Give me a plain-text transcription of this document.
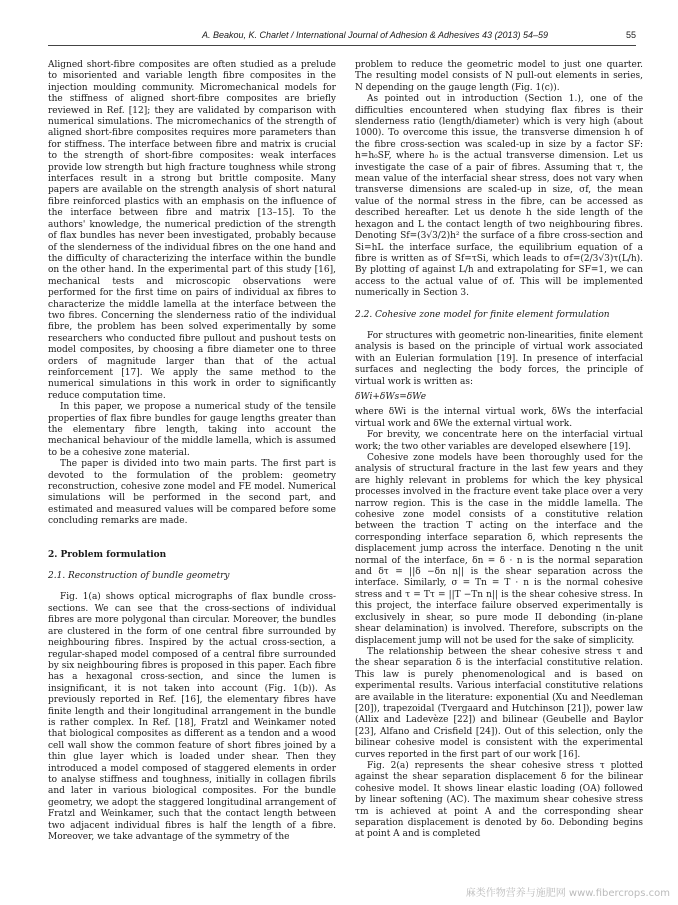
A. Beakou, K. Charlet / International Journal of Adhesion & Adhesives 43 (2013) 54–59	55

Aligned short-fibre composites are often studied as a prelude to misoriented and variable length fibre composites in the injection moulding community. Micromechanical models for the stiffness of aligned short-fibre composites are briefly reviewed in Ref. [12]; they are validated by comparison with numerical simulations. The micromechanics of the strength of aligned short-fibre composites requires more parameters than for stiffness. The interface between fibre and matrix is crucial to the strength of short-fibre composites: weak interfaces provide low strength but high fracture toughness while strong interfaces result in a strong but brittle composite. Many papers are available on the strength analysis of short natural fibre reinforced plastics with an emphasis on the influence of the interface between fibre and matrix [13–15]. To the authors' knowledge, the numerical prediction of the strength of flax bundles has never been investigated, probably because of the slenderness of the individual fibres on the one hand and the difficulty of characterizing the interface within the bundle on the other hand. In the experimental part of this study [16], mechanical tests and microscopic observations were performed for the first time on pairs of individual ax fibres to characterize the middle lamella at the interface between the two fibres. Concerning the slenderness ratio of the individual fibre, the problem has been solved experimentally by some researchers who conducted fibre pullout and pushout tests on model composites, by choosing a fibre diameter one to three orders of magnitude larger than that of the actual reinforcement [17]. We apply the same method to the numerical simulations in this work in order to significantly reduce computation time.

In this paper, we propose a numerical study of the tensile properties of flax fibre bundles for gauge lengths greater than the elementary fibre length, taking into account the mechanical behaviour of the middle lamella, which is assumed to be a cohesive zone material.

The paper is divided into two main parts. The first part is devoted to the formulation of the problem: geometry reconstruction, cohesive zone model and FE model. Numerical simulations will be performed in the second part, and estimated and measured values will be compared before some concluding remarks are made.

2. Problem formulation
2.1. Reconstruction of bundle geometry

Fig. 1(a) shows optical micrographs of flax bundle cross-sections. We can see that the cross-sections of individual fibres are more polygonal than circular. Moreover, the bundles are clustered in the form of one central fibre surrounded by neighbouring fibres. Inspired by the actual cross-section, a regular-shaped model composed of a central fibre surrounded by six neighbouring fibres is proposed in this paper. Each fibre has a hexagonal cross-section, and since the lumen is insignificant, it is not taken into account (Fig. 1(b)). As previously reported in Ref. [16], the elementary fibres have finite length and their longitudinal arrangement in the bundle is rather complex. In Ref. [18], Fratzl and Weinkamer noted that biological composites as different as a tendon and a wood cell wall show the common feature of short fibres joined by a thin glue layer which is loaded under shear. Then they introduced a model composed of staggered elements in order to analyse stiffness and toughness, initially in collagen fibrils and later in various biological composites. For the bundle geometry, we adopt the staggered longitudinal arrangement of Fratzl and Weinkamer, such that the contact length between two adjacent individual fibres is half the length of a fibre. Moreover, we take advantage of the symmetry of the

problem to reduce the geometric model to just one quarter. The resulting model consists of N pull-out elements in series, N depending on the gauge length (Fig. 1(c)).

As pointed out in introduction (Section 1.), one of the difficulties encountered when studying flax fibres is their slenderness ratio (length/diameter) which is very high (about 1000). To overcome this issue, the transverse dimension h of the fibre cross-section was scaled-up in size by a factor SF: h=h₀SF, where h₀ is the actual transverse dimension. Let us investigate the case of a pair of fibres. Assuming that τ, the mean value of the interfacial shear stress, does not vary when transverse dimensions are scaled-up in size, σf, the mean value of the normal stress in the fibre, can be accessed as described hereafter. Let us denote h the side length of the hexagon and L the contact length of two neighbouring fibres. Denoting Sf=(3√3/2)h² the surface of a fibre cross-section and Si=hL the interface surface, the equilibrium equation of a fibre is written as σf Sf=τSi, which leads to σf=(2/3√3)τ(L/h). By plotting σf against L/h and extrapolating for SF=1, we can access to the actual value of σf. This will be implemented numerically in Section 3.

2.2. Cohesive zone model for finite element formulation

For structures with geometric non-linearities, finite element analysis is based on the principle of virtual work associated with an Eulerian formulation [19]. In presence of interfacial surfaces and neglecting the body forces, the principle of virtual work is written as:

δWi+δWs=δWe

where δWi is the internal virtual work, δWs the interfacial virtual work and δWe the external virtual work.

For brevity, we concentrate here on the interfacial virtual work; the two other variables are developed elsewhere [19].

Cohesive zone models have been thoroughly used for the analysis of structural fracture in the last few years and they are highly relevant in problems for which the key physical processes involved in the fracture event take place over a very narrow region. This is the case in the middle lamella. The cohesive zone model consists of a constitutive relation between the traction T acting on the interface and the corresponding interface separation δ, which represents the displacement jump across the interface. Denoting n the unit normal of the interface, δn = δ · n is the normal separation and δτ = ||δ −δn n|| is the shear separation across the interface. Similarly, σ = Tn = T · n is the normal cohesive stress and τ = Tτ = ||T −Tn n|| is the shear cohesive stress. In this project, the interface failure observed experimentally is exclusively in shear, so pure mode II debonding (in-plane shear delamination) is involved. Therefore, subscripts on the displacement jump will not be used for the sake of simplicity.

The relationship between the shear cohesive stress τ and the shear separation δ is the interfacial constitutive relation. This law is purely phenomenological and is based on experimental results. Various interfacial constitutive relations are available in the literature: exponential (Xu and Needleman [20]), trapezoidal (Tvergaard and Hutchinson [21]), power law (Allix and Ladevèze [22]) and bilinear (Geubelle and Baylor [23], Alfano and Crisfield [24]). Out of this selection, only the bilinear cohesive model is consistent with the experimental curves reported in the first part of our work [16].

Fig. 2(a) represents the shear cohesive stress τ plotted against the shear separation displacement δ for the bilinear cohesive model. It shows linear elastic loading (OA) followed by linear softening (AC). The maximum shear cohesive stress τm is achieved at point A and the corresponding shear separation displacement is denoted by δo. Debonding begins at point A and is completed

麻类作物营养与施肥网 www.fibercrops.com
